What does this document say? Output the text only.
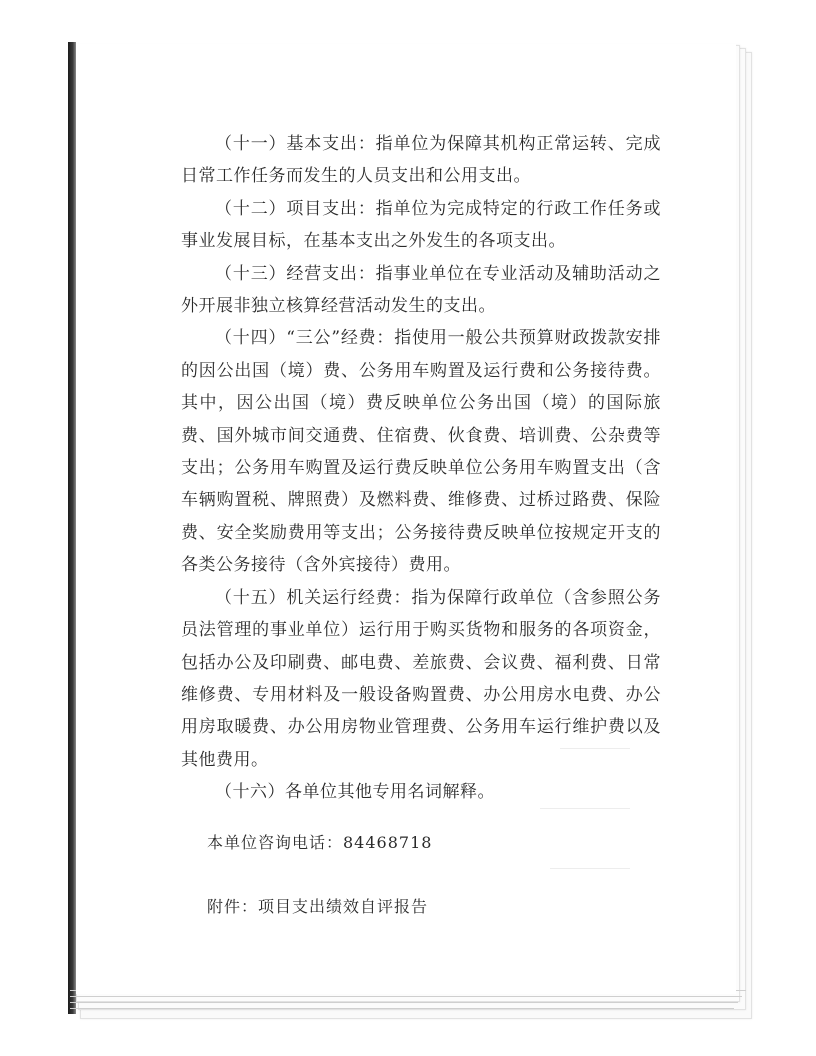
（十一）基本支出：指单位为保障其机构正常运转、完成日常工作任务而发生的人员支出和公用支出。

（十二）项目支出：指单位为完成特定的行政工作任务或事业发展目标，在基本支出之外发生的各项支出。

（十三）经营支出：指事业单位在专业活动及辅助活动之外开展非独立核算经营活动发生的支出。

（十四）“三公”经费：指使用一般公共预算财政拨款安排的因公出国（境）费、公务用车购置及运行费和公务接待费。其中，因公出国（境）费反映单位公务出国（境）的国际旅费、国外城市间交通费、住宿费、伙食费、培训费、公杂费等支出；公务用车购置及运行费反映单位公务用车购置支出（含车辆购置税、牌照费）及燃料费、维修费、过桥过路费、保险费、安全奖励费用等支出；公务接待费反映单位按规定开支的各类公务接待（含外宾接待）费用。

（十五）机关运行经费：指为保障行政单位（含参照公务员法管理的事业单位）运行用于购买货物和服务的各项资金，包括办公及印刷费、邮电费、差旅费、会议费、福利费、日常维修费、专用材料及一般设备购置费、办公用房水电费、办公用房取暖费、办公用房物业管理费、公务用车运行维护费以及其他费用。

（十六）各单位其他专用名词解释。

本单位咨询电话：84468718
附件：项目支出绩效自评报告
